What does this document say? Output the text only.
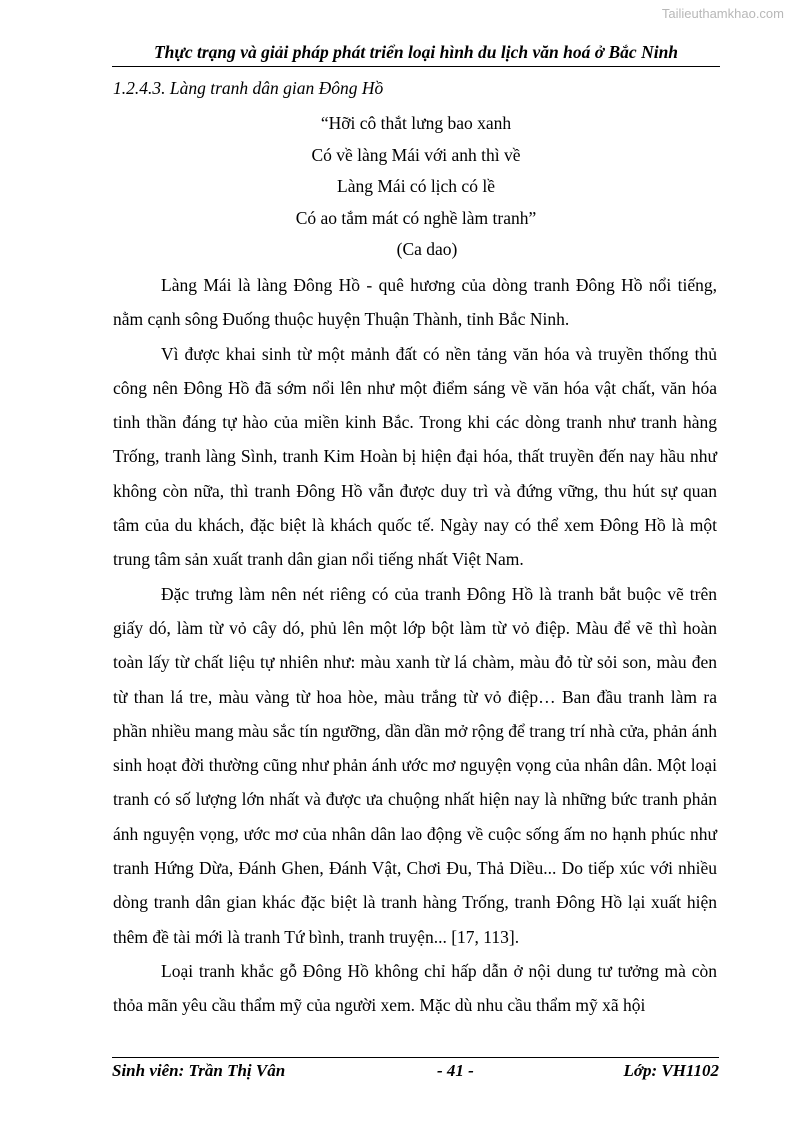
Tailieuthamkhao.com
Thực trạng và giải pháp phát triển loại hình du lịch văn hoá ở Bắc Ninh
1.2.4.3. Làng tranh dân gian Đông Hồ
“Hỡi cô thắt lưng bao xanh
Có về làng Mái với anh thì về
Làng Mái có lịch có lề
Có ao tắm mát có nghề làm tranh”
(Ca dao)

Làng Mái là làng Đông Hồ - quê hương của dòng tranh Đông Hồ nổi tiếng, nằm cạnh sông Đuống thuộc huyện Thuận Thành, tỉnh Bắc Ninh.

Vì được khai sinh từ một mảnh đất có nền tảng văn hóa và truyền thống thủ công nên Đông Hồ đã sớm nổi lên như một điểm sáng về văn hóa vật chất, văn hóa tinh thần đáng tự hào của miền kinh Bắc. Trong khi các dòng tranh như tranh hàng Trống, tranh làng Sình, tranh Kim Hoàn bị hiện đại hóa, thất truyền đến nay hầu như không còn nữa, thì tranh Đông Hồ vẫn được duy trì và đứng vững, thu hút sự quan tâm của du khách, đặc biệt là khách quốc tế. Ngày nay có thể xem Đông Hồ là một trung tâm sản xuất tranh dân gian nổi tiếng nhất Việt Nam.

Đặc trưng làm nên nét riêng có của tranh Đông Hồ là tranh bắt buộc vẽ trên giấy dó, làm từ vỏ cây dó, phủ lên một lớp bột làm từ vỏ điệp. Màu để vẽ thì hoàn toàn lấy từ chất liệu tự nhiên như: màu xanh từ lá chàm, màu đỏ từ sỏi son, màu đen từ than lá tre, màu vàng từ hoa hòe, màu trắng từ vỏ điệp… Ban đầu tranh làm ra phần nhiều mang màu sắc tín ngưỡng, dần dần mở rộng để trang trí nhà cửa, phản ánh sinh hoạt đời thường cũng như phản ánh ước mơ nguyện vọng của nhân dân. Một loại tranh có số lượng lớn nhất và được ưa chuộng nhất hiện nay là những bức tranh phản ánh nguyện vọng, ước mơ của nhân dân lao động về cuộc sống ấm no hạnh phúc như tranh Hứng Dừa, Đánh Ghen, Đánh Vật, Chơi Đu, Thả Diều... Do tiếp xúc với nhiều dòng tranh dân gian khác đặc biệt là tranh hàng Trống, tranh Đông Hồ lại xuất hiện thêm đề tài mới là tranh Tứ bình, tranh truyện... [17, 113].

Loại tranh khắc gỗ Đông Hồ không chỉ hấp dẫn ở nội dung tư tưởng mà còn thỏa mãn yêu cầu thẩm mỹ của người xem. Mặc dù nhu cầu thẩm mỹ xã hội

Sinh viên: Trần Thị Vân	- 41 -	Lớp: VH1102
